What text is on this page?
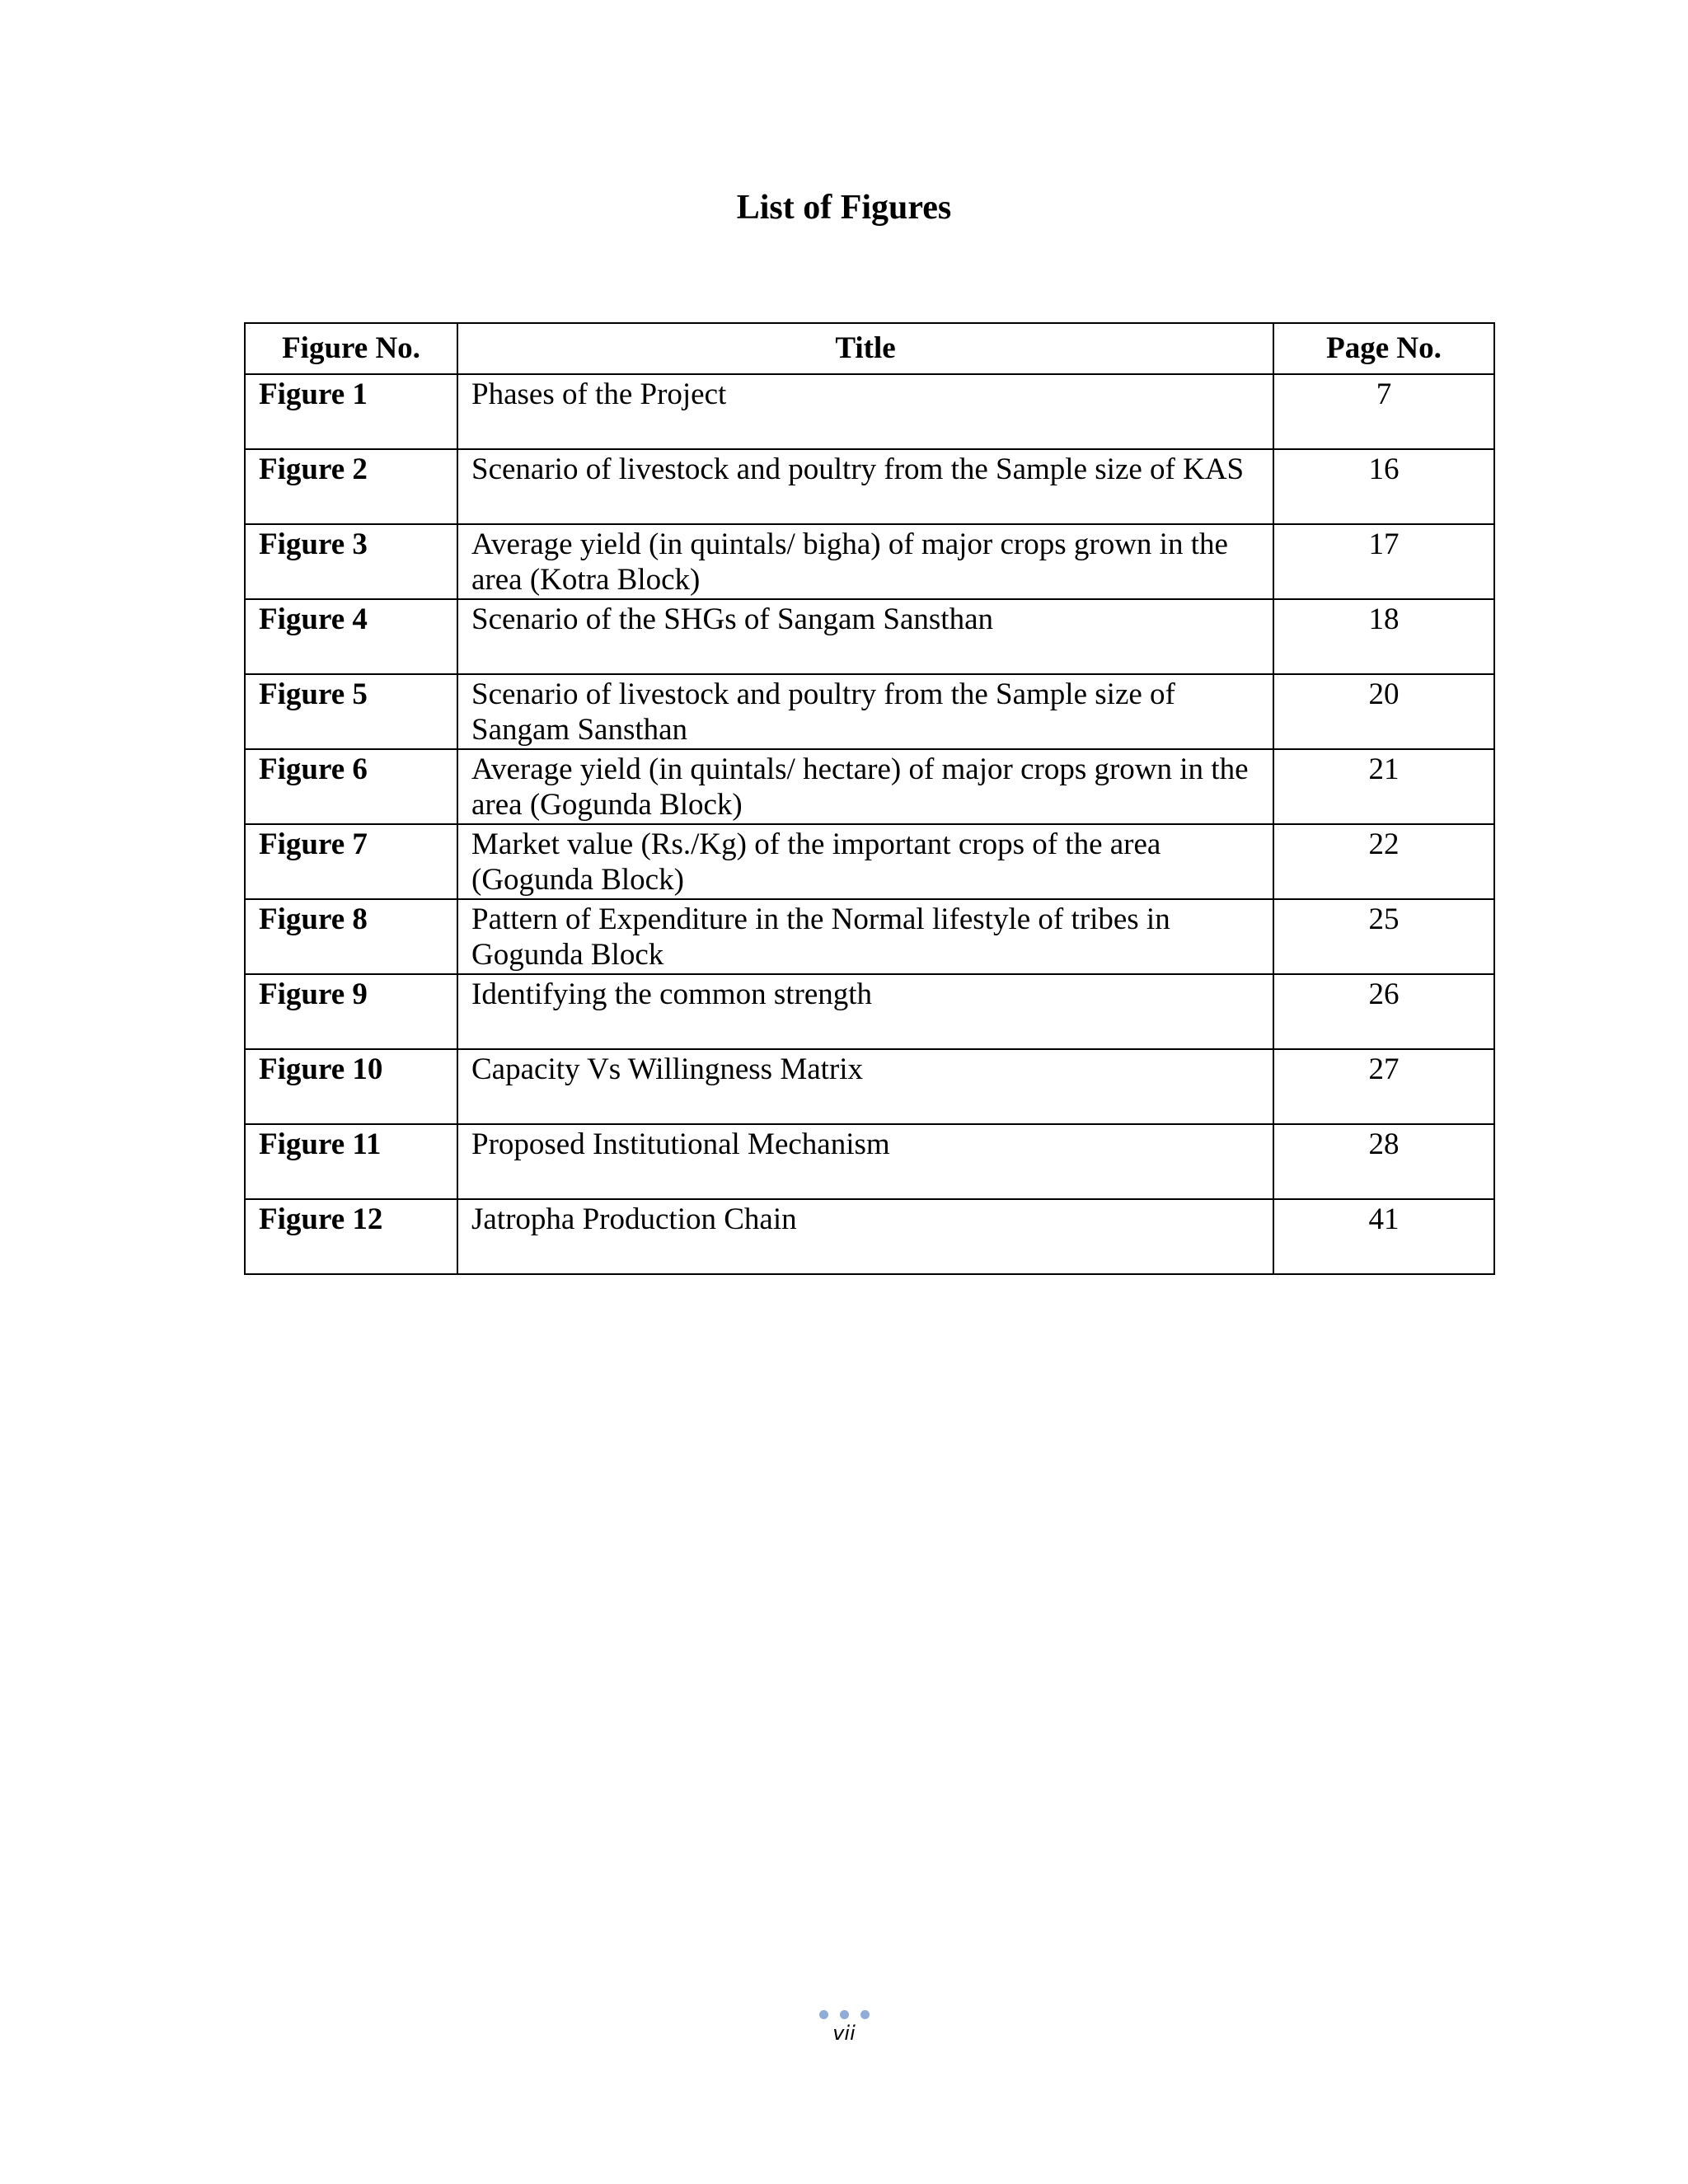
List of Figures
Figure No.	Title	Page No.
Figure 1	Phases of the Project	7
Figure 2	Scenario of livestock and poultry from the Sample size of KAS	16
Figure 3	Average yield (in quintals/ bigha) of major crops grown in the area (Kotra Block)	17
Figure 4	Scenario of the SHGs of Sangam Sansthan	18
Figure 5	Scenario of livestock and poultry from the Sample size of Sangam Sansthan	20
Figure 6	Average yield (in quintals/ hectare) of major crops grown in the area (Gogunda Block)	21
Figure 7	Market value (Rs./Kg) of the important crops of the area (Gogunda Block)	22
Figure 8	Pattern of Expenditure in the Normal lifestyle of tribes in Gogunda Block	25
Figure 9	Identifying the common strength	26
Figure 10	Capacity Vs Willingness Matrix	27
Figure 11	Proposed Institutional Mechanism	28
Figure 12	Jatropha Production Chain	41
vii
